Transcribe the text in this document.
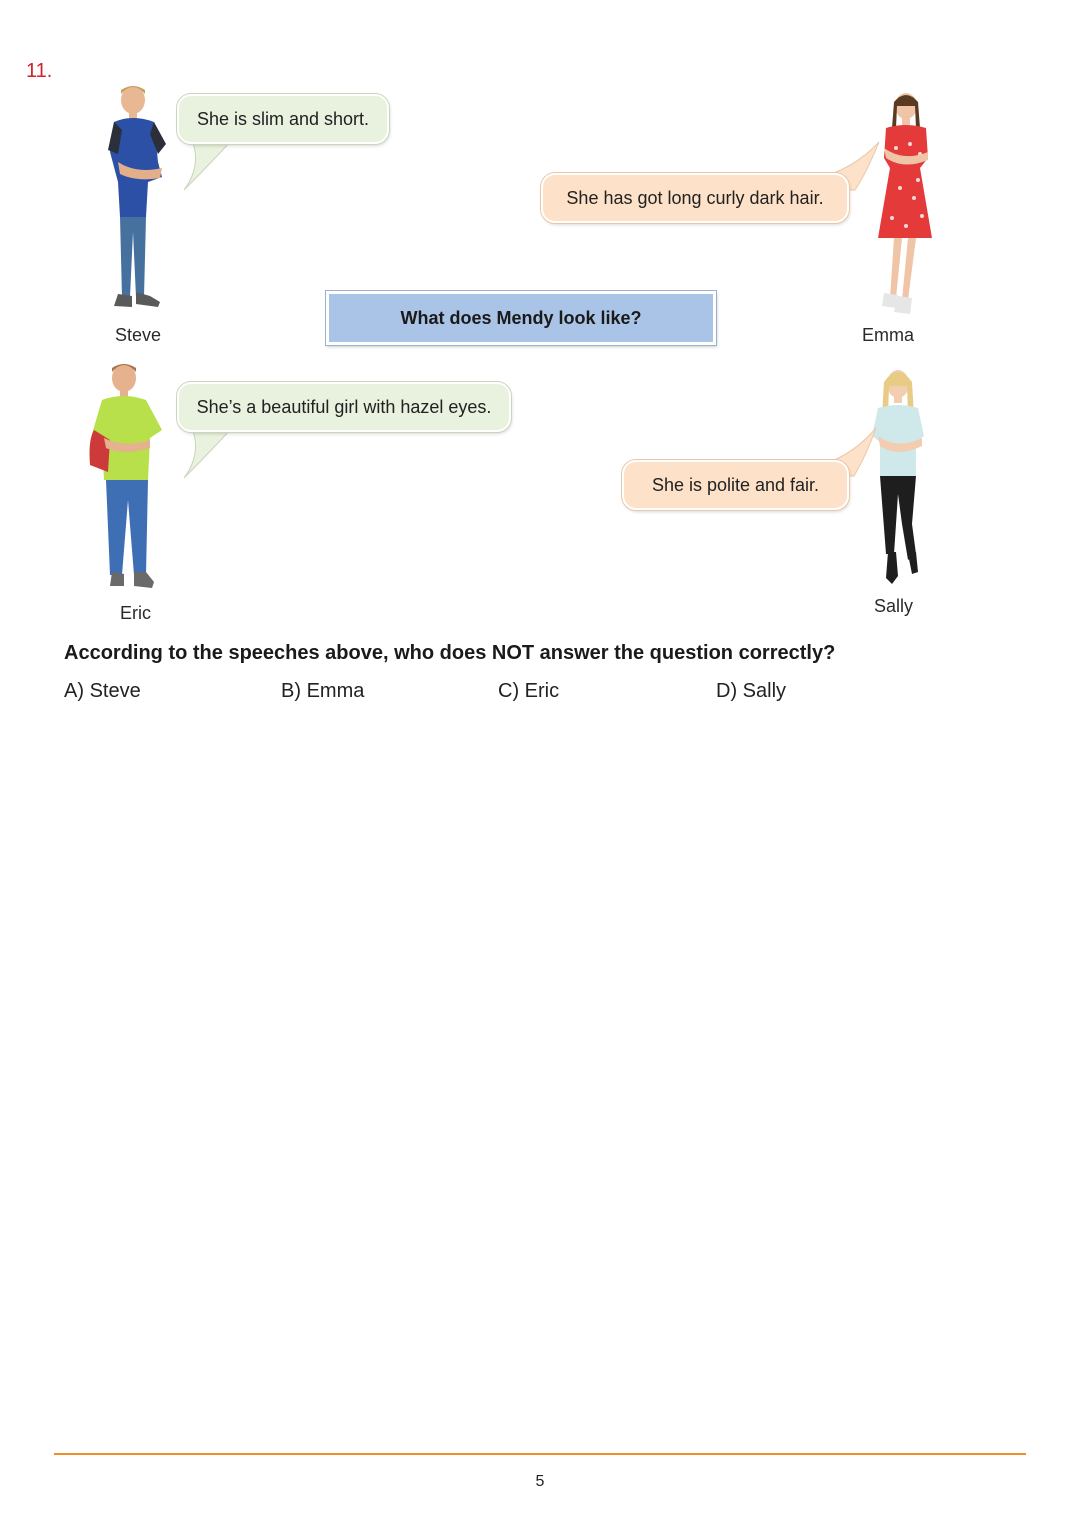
11.
Steve
She is slim and short.
Emma
She has got long curly dark hair.
What does Mendy look like?
Eric
She’s a beautiful girl with hazel eyes.
Sally
She is polite and fair.
According to the speeches above, who does NOT answer the question correctly?
A) Steve	B) Emma	C) Eric	D) Sally
5
